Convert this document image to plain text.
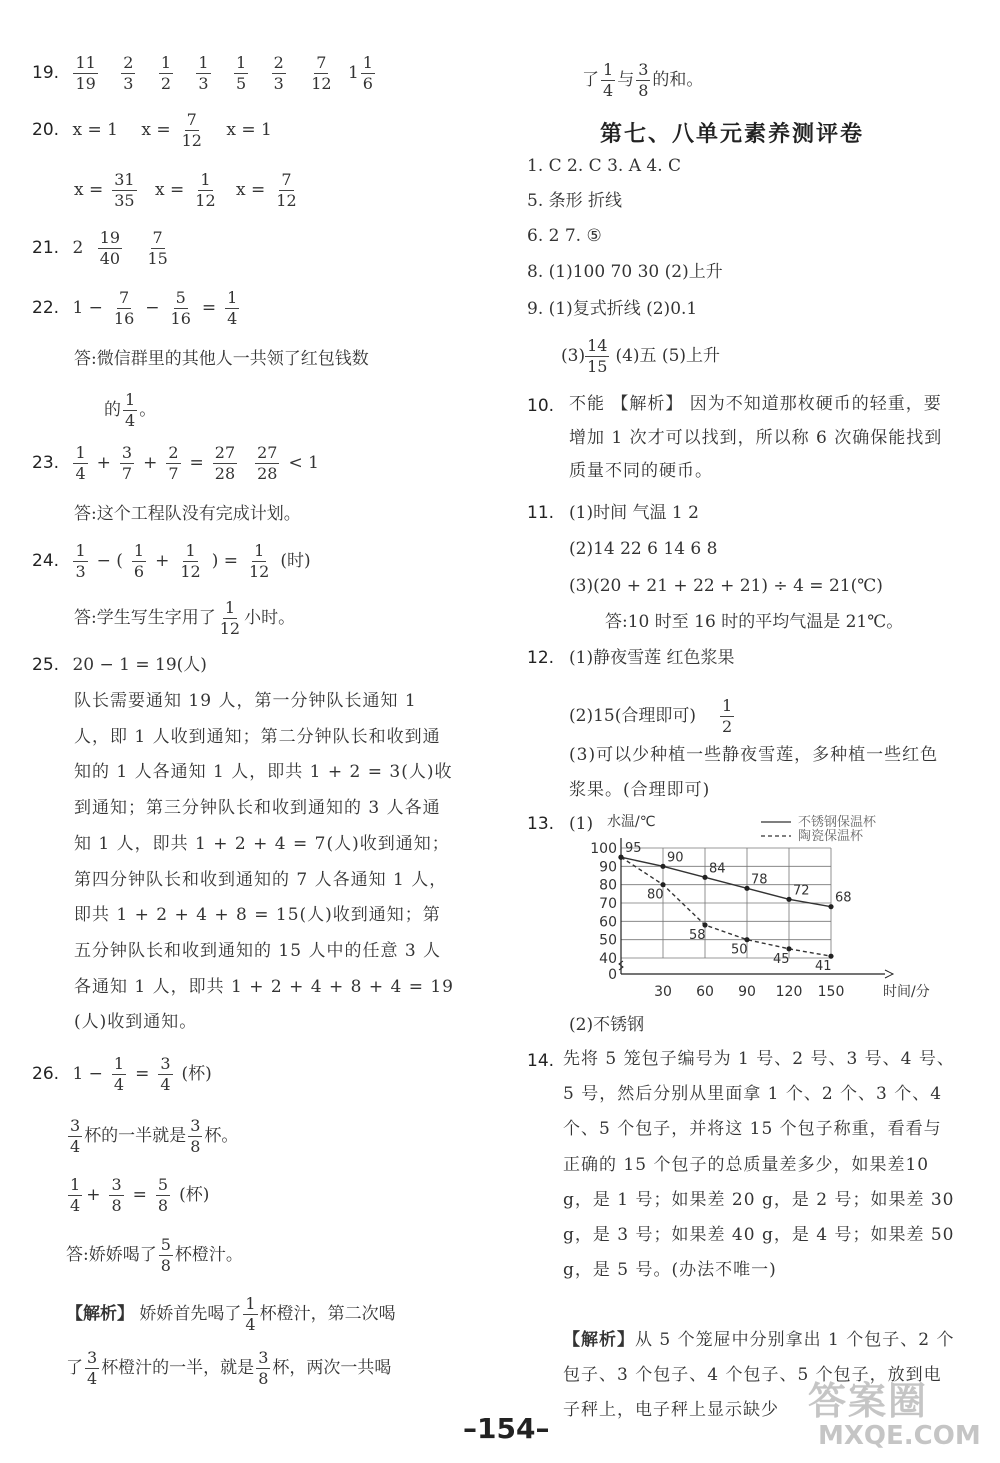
19. $\frac{11}{19}$
$\frac{2}{3}$
$\frac{1}{2}$
$\frac{1}{3}$
$\frac{1}{5}$
$\frac{2}{3}$
$\frac{7}{12} 1 \frac{1}{6}$
20. x = 1 $x = \frac{7}{12}$ x = 1
$x = \frac{31}{35}$ $x = \frac{1}{12}$ $x = \frac{7}{12}$
21. $2 \frac{19}{40}$
$\frac{7}{15}$
22. $1 - \frac{7}{16} - \frac{5}{16} = \frac{1}{4}$
答:微信群里的其他人一共领了红包钱数
的 $\frac{1}{4}$ 。
23. $\frac{1}{4} + \frac{3}{7} + \frac{2}{7} = \frac{27}{28} \frac{27}{28} < 1$
答:这个工程队没有完成计划。
24. $\frac{1}{3}$ − ( $\frac{1}{6} + \frac{1}{12}$ ) = $\frac{1}{12}$ (时)
答:学生写生字用了 $\frac{1}{12}$ 小时。
25. 20 − 1 = 19(人)
队长需要通知 19 人，第一分钟队长通知 1 人，即 1 人收到通知；第二分钟队长和收到通知的 1 人各通知 1 人，即共 1 + 2 = 3(人)收到通知；第三分钟队长和收到通知的 3 人各通知 1 人，即共 1 + 2 + 4 = 7(人)收到通知；第四分钟队长和收到通知的 7 人各通知 1 人，即共 1 + 2 + 4 + 8 = 15(人)收到通知；第五分钟队长和收到通知的 15 人中的任意 3 人各通知 1 人，即共 1 + 2 + 4 + 8 + 4 = 19 (人)收到通知。
26. $1 - \frac{1}{4} = \frac{3}{4}$ (杯)
$\frac{3}{4}$ 杯的一半就是 $\frac{3}{8}$ 杯。
$\frac{1}{4} + \frac{3}{8} = \frac{5}{8}$ (杯)
答:娇娇喝了 $\frac{5}{8}$ 杯橙汁。
【解析】 娇娇首先喝了 $\frac{1}{4}$ 杯橙汁，第二次喝
了 $\frac{3}{4}$ 杯橙汁的一半，就是 $\frac{3}{8}$ 杯，两次一共喝
了 $\frac{1}{4}$ 与 $\frac{3}{8}$ 的和。
1. C 2. C 3. A 4. C
5. 条形 折线
6. 2 7. ⑤
8. (1)100 70 30 (2)上升
9. (1)复式折线 (2)0.1
$(3) \frac{14}{15} (4)$五 (5)上升
10. 不能 【解析】 因为不知道那枚硬币的轻重，要增加 1 次才可以找到，所以称 6 次确保能找到质量不同的硬币。
11. (1)时间 气温 1 2
(2)14 22 6 14 6 8
(3)(20 + 21 + 22 + 21) ÷ 4 = 21(℃)
答:10 时至 16 时的平均气温是 21℃。
12. (1)静夜雪莲 红色浆果
(2)15(合理即可) $\frac{1}{2}$
(3)可以少种植一些静夜雪莲，多种植一些红色浆果。(合理即可)
13. (1)
0
40
50
60
70
80
90
100
30 60 90 120 150
95
90
84
78
72 68
80
58
50
45 41
不锈钢保温杯
陶瓷保温杯
水温/℃
时间/分
(2)不锈钢
14. 先将 5 笼包子编号为 1 号、2 号、3 号、4 号、5 号，然后分别从里面拿 1 个、2 个、3 个、4 个、5 个包子，并将这 15 个包子称重，看看与正确的 15 个包子的总质量差多少，如果差10 g，是 1 号；如果差 20 g，是 2 号；如果差 30 g，是 3 号；如果差 40 g，是 4 号；如果差 50 g，是 5 号。(办法不唯一)
【解析】从 5 个笼屉中分别拿出 1 个包子、2 个包子、3 个包子、4 个包子、5 个包子，放到电子秤上，电子秤上显示缺少
第七、八单元素养测评卷
–154–
答案圈
MXQE.COM
